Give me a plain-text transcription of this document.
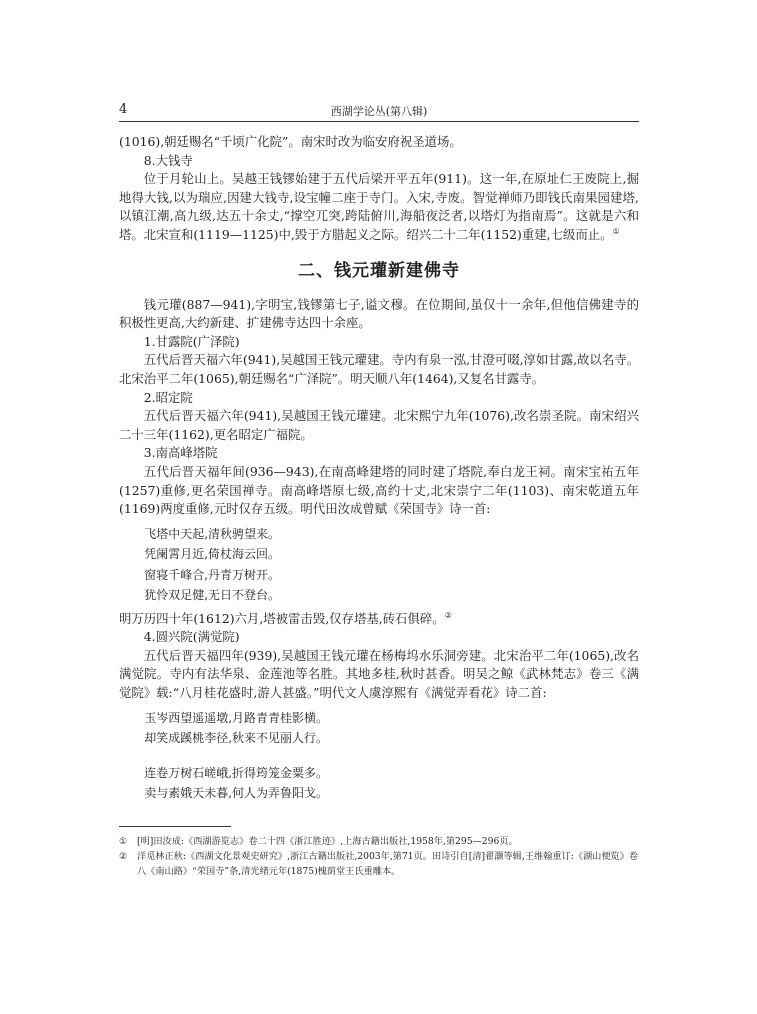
4	西湖学论丛(第八辑)

(1016),朝廷赐名“千顷广化院”。南宋时改为临安府祝圣道场。

8.大钱寺

位于月轮山上。吴越王钱镠始建于五代后梁开平五年(911)。这一年,在原址仁王废院上,掘地得大钱,以为瑞应,因建大钱寺,设宝幢二座于寺门。入宋,寺废。智觉禅师乃即钱氏南果园建塔,以镇江潮,高九级,达五十余丈,“撑空兀突,跨陆俯川,海船夜泛者,以塔灯为指南焉”。这就是六和塔。北宋宣和(1119—1125)中,毁于方腊起义之际。绍兴二十二年(1152)重建,七级而止。①

二、钱元瓘新建佛寺

钱元瓘(887—941),字明宝,钱镠第七子,谥文穆。在位期间,虽仅十一余年,但他信佛建寺的积极性更高,大约新建、扩建佛寺达四十余座。

1.甘露院(广泽院)

五代后晋天福六年(941),吴越国王钱元瓘建。寺内有泉一泓,甘澄可啜,淳如甘露,故以名寺。北宋治平二年(1065),朝廷赐名“广泽院”。明天顺八年(1464),又复名甘露寺。

2.昭定院

五代后晋天福六年(941),吴越国王钱元瓘建。北宋熙宁九年(1076),改名崇圣院。南宋绍兴二十三年(1162),更名昭定广福院。

3.南高峰塔院

五代后晋天福年间(936—943),在南高峰建塔的同时建了塔院,奉白龙王祠。南宋宝祐五年(1257)重修,更名荣国禅寺。南高峰塔原七级,高约十丈,北宋崇宁二年(1103)、南宋乾道五年(1169)两度重修,元时仅存五级。明代田汝成曾赋《荣国寺》诗一首:

飞塔中天起,清秋骋望来。
凭阑霄月近,倚杖海云回。
窗寝千峰合,丹青万树开。
犹怜双足健,无日不登台。

明万历四十年(1612)六月,塔被雷击毁,仅存塔基,砖石俱碎。②

4.圆兴院(满觉院)

五代后晋天福四年(939),吴越国王钱元瓘在杨梅坞水乐洞旁建。北宋治平二年(1065),改名满觉院。寺内有法华泉、金莲池等名胜。其地多桂,秋时甚香。明吴之鲸《武林梵志》卷三《满觉院》载:“八月桂花盛时,游人甚盛。”明代文人虞淳熙有《满觉弄看花》诗二首:

玉岑西望遥遥墩,月路青青桂影横。
却笑成蹊桃李径,秋来不见丽人行。
连卷万树石嵯峨,折得筠笼金粟多。
卖与素娥天未暮,何人为弄鲁阳戈。

① [明]田汝成:《西湖游览志》卷二十四《浙江胜迹》,上海古籍出版社,1958年,第295—296页。

② 洋觅林正秋:《西湖文化景观史研究》,浙江古籍出版社,2003年,第71页。田诗引自[清]翟灏等辑,王维翰重订:《湖山便览》卷八《南山路》“荣国寺”条,清光绪元年(1875)槐荫堂王氏重雕本。
